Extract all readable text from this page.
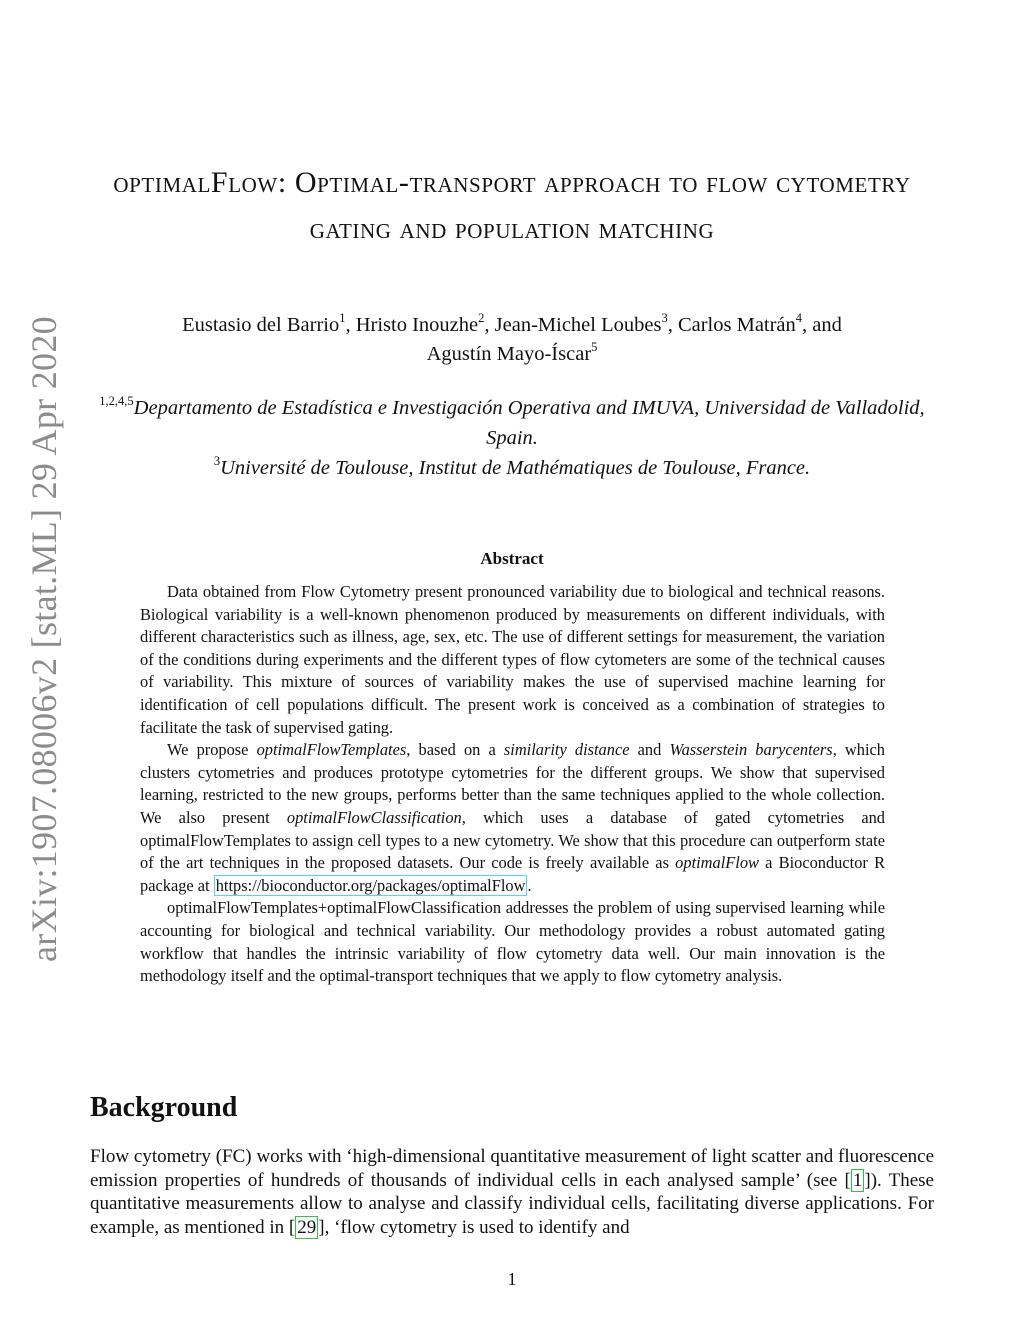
arXiv:1907.08006v2 [stat.ML] 29 Apr 2020
optimalFlow: Optimal-transport approach to flow cytometry gating and population matching
Eustasio del Barrio$^1$, Hristo Inouzhe$^2$, Jean-Michel Loubes$^3$, Carlos Matrán$^4$, and
Agustín Mayo-Íscar$^5$
$^{1,2,4,5}$Departamento de Estadística e Investigación Operativa and IMUVA, Universidad de Valladolid, Spain.
$^3$Université de Toulouse, Institut de Mathématiques de Toulouse, France.
Abstract

Data obtained from Flow Cytometry present pronounced variability due to biological and technical reasons. Biological variability is a well-known phenomenon produced by measurements on different individuals, with different characteristics such as illness, age, sex, etc. The use of different settings for measurement, the variation of the conditions during experiments and the different types of flow cytometers are some of the technical causes of variability. This mixture of sources of variability makes the use of supervised machine learning for identification of cell populations difficult. The present work is conceived as a combination of strategies to facilitate the task of supervised gating.

We propose optimalFlowTemplates, based on a similarity distance and Wasserstein barycenters, which clusters cytometries and produces prototype cytometries for the different groups. We show that supervised learning, restricted to the new groups, performs better than the same techniques applied to the whole collection. We also present optimalFlowClassification, which uses a database of gated cytometries and optimalFlowTemplates to assign cell types to a new cytometry. We show that this procedure can outperform state of the art techniques in the proposed datasets. Our code is freely available as optimalFlow a Bioconductor R package at https://bioconductor.org/packages/optimalFlow .

optimalFlowTemplates+optimalFlowClassification addresses the problem of using supervised learning while accounting for biological and technical variability. Our methodology provides a robust automated gating workflow that handles the intrinsic variability of flow cytometry data well. Our main innovation is the methodology itself and the optimal-transport techniques that we apply to flow cytometry analysis.

Background
Flow cytometry (FC) works with ‘high-dimensional quantitative measurement of light scatter and fluorescence emission properties of hundreds of thousands of individual cells in each analysed sample’ (see [ 1 ]). These quantitative measurements allow to analyse and classify individual cells, facilitating diverse applications. For example, as mentioned in [ 29 ], ‘flow cytometry is used to identify and
1
